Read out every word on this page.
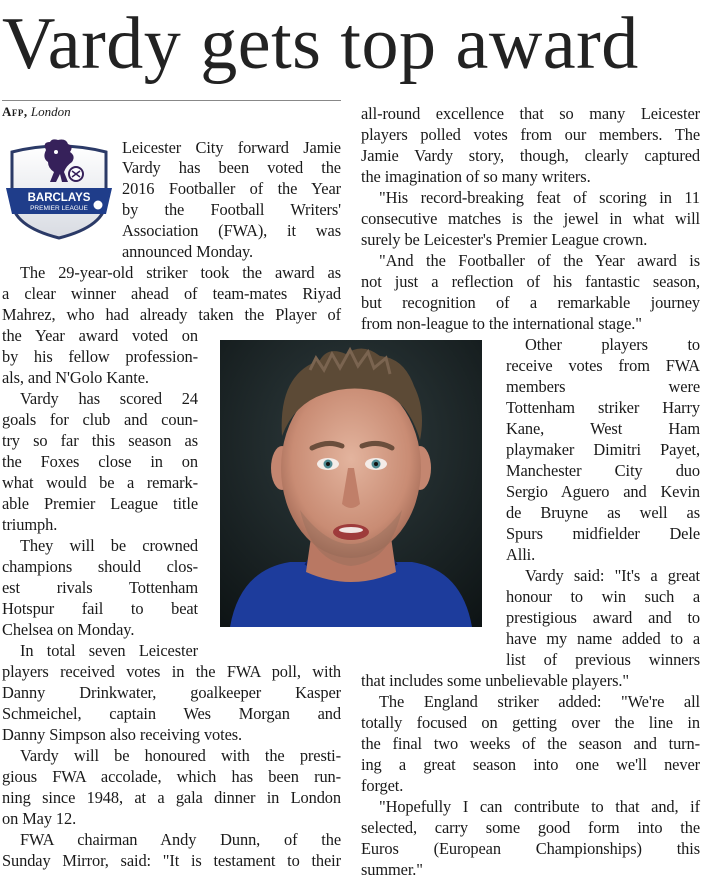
Vardy gets top award
Afp, London
BARCLAYS
PREMIER LEAGUE
Leicester City forward Jamie
Vardy has been voted the
2016 Footballer of the Year
by the Football Writers'
Association (FWA), it was
announced Monday.
The 29-year-old striker took the award as
a clear winner ahead of team-mates Riyad
Mahrez, who had already taken the Player of
the Year award voted on
by his fellow profession-
als, and N'Golo Kante.
Vardy has scored 24
goals for club and coun-
try so far this season as
the Foxes close in on
what would be a remark-
able Premier League title
triumph.
They will be crowned
champions should clos-
est rivals Tottenham
Hotspur fail to beat
Chelsea on Monday.
In total seven Leicester
players received votes in the FWA poll, with
Danny Drinkwater, goalkeeper Kasper
Schmeichel, captain Wes Morgan and
Danny Simpson also receiving votes.
Vardy will be honoured with the presti-
gious FWA accolade, which has been run-
ning since 1948, at a gala dinner in London
on May 12.
FWA chairman Andy Dunn, of the
Sunday Mirror, said: "It is testament to their
all-round excellence that so many Leicester
players polled votes from our members. The
Jamie Vardy story, though, clearly captured
the imagination of so many writers.
"His record-breaking feat of scoring in 11
consecutive matches is the jewel in what will
surely be Leicester's Premier League crown.
"And the Footballer of the Year award is
not just a reflection of his fantastic season,
but recognition of a remarkable journey
from non-league to the international stage."
Other players to
receive votes from FWA
members were
Tottenham striker Harry
Kane, West Ham
playmaker Dimitri Payet,
Manchester City duo
Sergio Aguero and Kevin
de Bruyne as well as
Spurs midfielder Dele
Alli.
Vardy said: "It's a great
honour to win such a
prestigious award and to
have my name added to a
list of previous winners
that includes some unbelievable players."
The England striker added: "We're all
totally focused on getting over the line in
the final two weeks of the season and turn-
ing a great season into one we'll never
forget.
"Hopefully I can contribute to that and, if
selected, carry some good form into the
Euros (European Championships) this
summer."
